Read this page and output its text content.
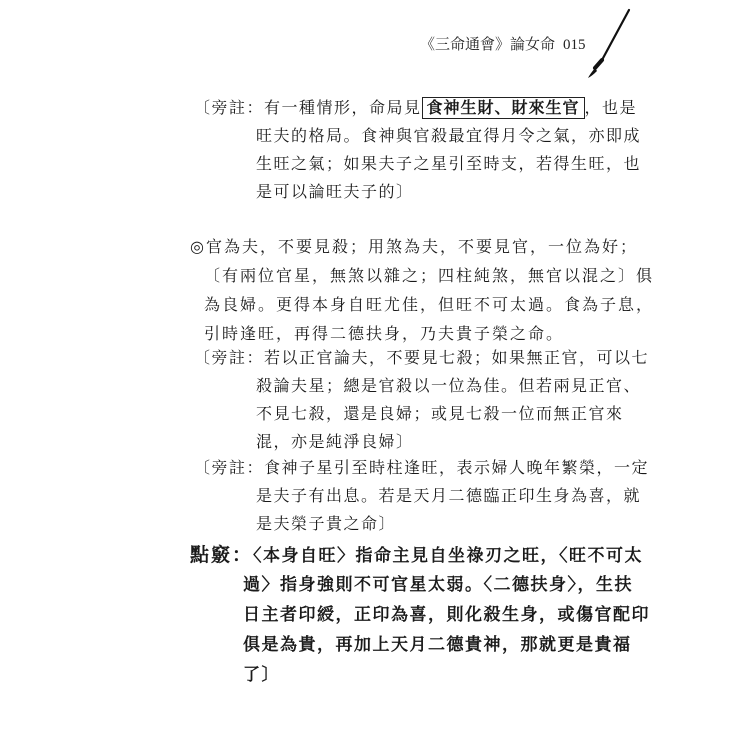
《三命通會》論女命 015
〔旁註：有一種情形，命局見 食神生財、財來生官 ，也是
旺夫的格局。食神與官殺最宜得月令之氣，亦即成
生旺之氣；如果夫子之星引至時支，若得生旺，也
是可以論旺夫子的〕
◎官為夫，不要見殺；用煞為夫，不要見官，一位為好；
〔有兩位官星，無煞以雜之；四柱純煞，無官以混之〕俱
為良婦。更得本身自旺尤佳，但旺不可太過。食為子息，
引時逢旺，再得二德扶身，乃夫貴子榮之命。
〔旁註：若以正官論夫，不要見七殺；如果無正官，可以七
殺論夫星；總是官殺以一位為佳。但若兩見正官、
不見七殺，還是良婦；或見七殺一位而無正官來
混，亦是純淨良婦〕
〔旁註：食神子星引至時柱逢旺，表示婦人晚年繁榮，一定
是夫子有出息。若是天月二德臨正印生身為喜，就
是夫榮子貴之命〕
點竅：〈本身自旺〉指命主見自坐祿刃之旺，〈旺不可太
過〉指身強則不可官星太弱。〈二德扶身〉，生扶
日主者印綬，正印為喜，則化殺生身，或傷官配印
俱是為貴，再加上天月二德貴神，那就更是貴福
了〕
